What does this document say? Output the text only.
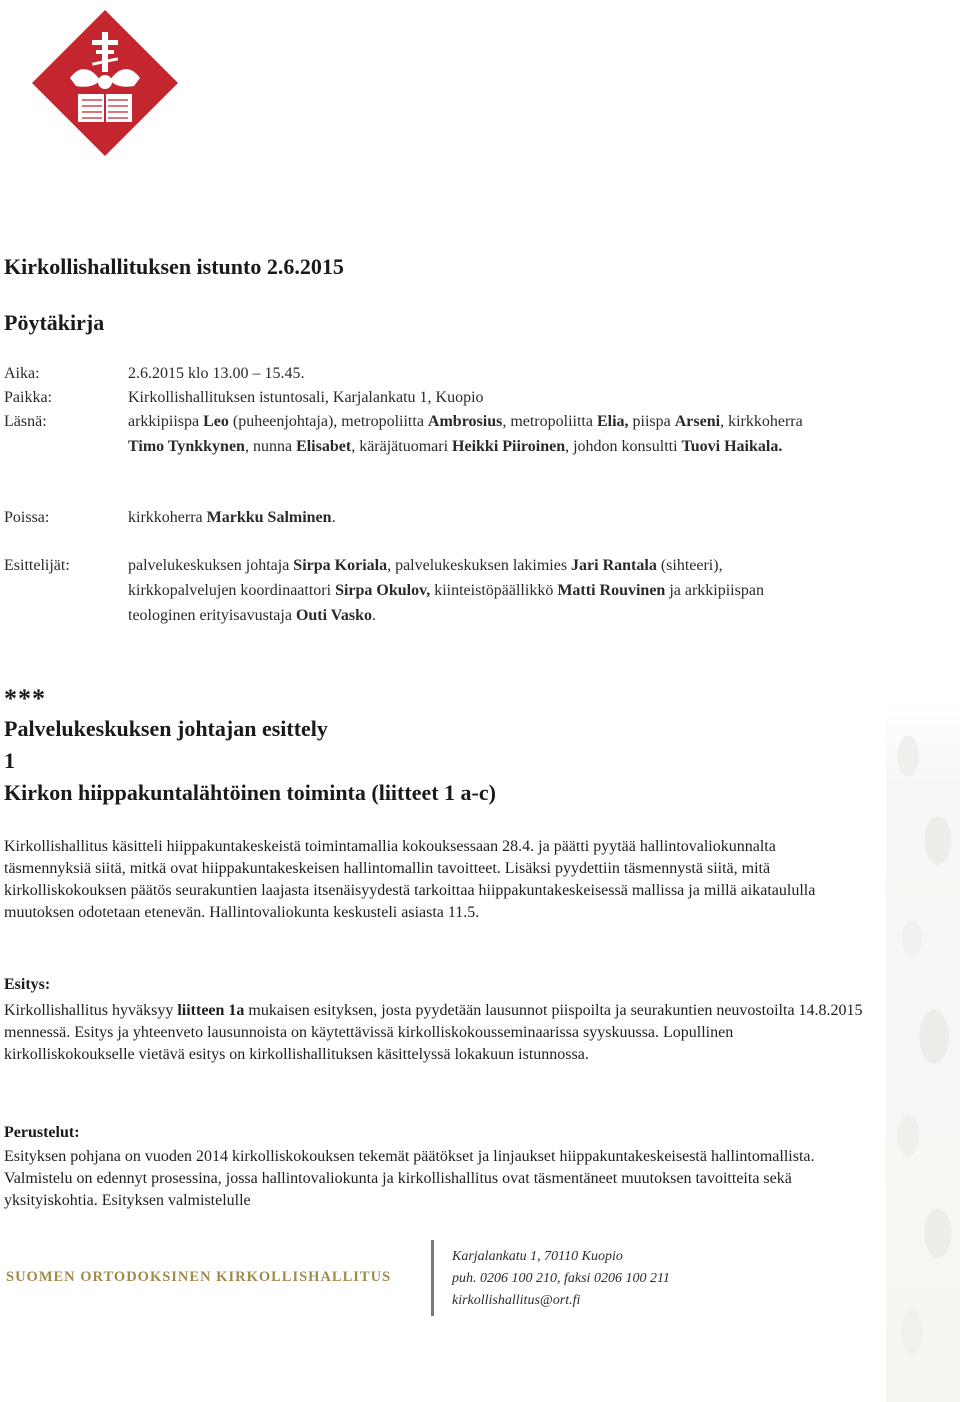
Kirkollishallituksen istunto 2.6.2015
Pöytäkirja
Aika:	2.6.2015 klo 13.00 – 15.45.
Paikka:	Kirkollishallituksen istuntosali, Karjalankatu 1, Kuopio
Läsnä:	arkkipiispa Leo (puheenjohtaja), metropoliitta Ambrosius, metropoliitta Elia, piispa Arseni, kirkkoherra Timo Tynkkynen, nunna Elisabet, käräjätuomari Heikki Piiroinen, johdon konsultti Tuovi Haikala.
Poissa:	kirkkoherra Markku Salminen.
Esittelijät:	palvelukeskuksen johtaja Sirpa Koriala, palvelukeskuksen lakimies Jari Rantala (sihteeri), kirkkopalvelujen koordinaattori Sirpa Okulov, kiinteistöpäällikkö Matti Rouvinen ja arkkipiispan teologinen erityisavustaja Outi Vasko.
***
Palvelukeskuksen johtajan esittely
1
Kirkon hiippakuntalähtöinen toiminta (liitteet 1 a-c)

Kirkollishallitus käsitteli hiippakuntakeskeistä toimintamallia kokouksessaan 28.4. ja päätti pyytää hallintovaliokunnalta täsmennyksiä siitä, mitkä ovat hiippakuntakeskeisen hallintomallin tavoitteet. Lisäksi pyydettiin täsmennystä siitä, mitä kirkolliskokouksen päätös seurakuntien laajasta itsenäisyydestä tarkoittaa hiippakuntakeskeisessä mallissa ja millä aikataululla muutoksen odotetaan etenevän. Hallintovaliokunta keskusteli asiasta 11.5.

Esitys:

Kirkollishallitus hyväksyy liitteen 1a mukaisen esityksen, josta pyydetään lausunnot piispoilta ja seurakuntien neuvostoilta 14.8.2015 mennessä. Esitys ja yhteenveto lausunnoista on käytettävissä kirkolliskokousseminaarissa syyskuussa. Lopullinen kirkolliskokoukselle vietävä esitys on kirkollishallituksen käsittelyssä lokakuun istunnossa.

Perustelut:

Esityksen pohjana on vuoden 2014 kirkolliskokouksen tekemät päätökset ja linjaukset hiippakuntakeskeisestä hallintomallista. Valmistelu on edennyt prosessina, jossa hallintovaliokunta ja kirkollishallitus ovat täsmentäneet muutoksen tavoitteita sekä yksityiskohtia. Esityksen valmistelulle

SUOMEN ORTODOKSINEN KIRKOLLISHALLITUS
Karjalankatu 1, 70110 Kuopio
puh. 0206 100 210, faksi 0206 100 211
kirkollishallitus@ort.fi
